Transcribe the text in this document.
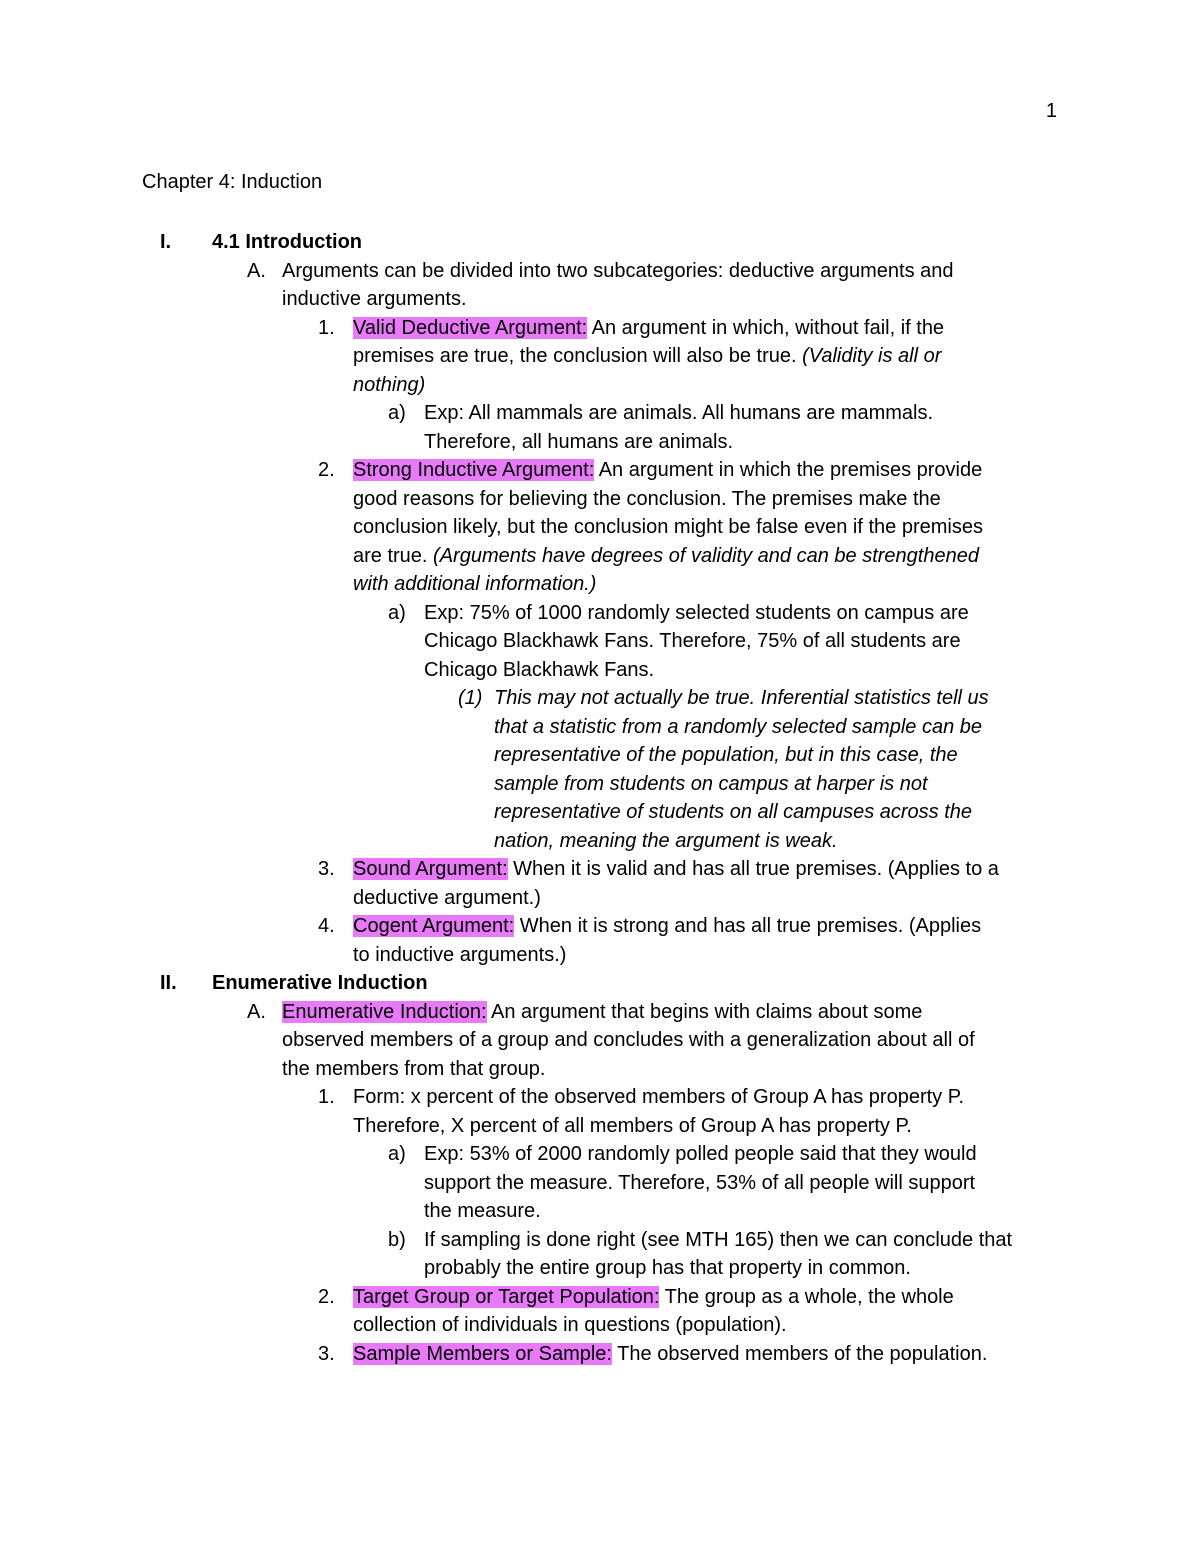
1
Chapter 4: Induction
I. 4.1 Introduction

A. Arguments can be divided into two subcategories: deductive arguments and

inductive arguments.

1. Valid Deductive Argument: An argument in which, without fail, if the

premises are true, the conclusion will also be true. (Validity is all or

nothing)

a) Exp: All mammals are animals. All humans are mammals.

Therefore, all humans are animals.

2. Strong Inductive Argument: An argument in which the premises provide

good reasons for believing the conclusion. The premises make the

conclusion likely, but the conclusion might be false even if the premises

are true. (Arguments have degrees of validity and can be strengthened

with additional information.)

a) Exp: 75% of 1000 randomly selected students on campus are

Chicago Blackhawk Fans. Therefore, 75% of all students are

Chicago Blackhawk Fans.

(1) This may not actually be true. Inferential statistics tell us

that a statistic from a randomly selected sample can be

representative of the population, but in this case, the

sample from students on campus at harper is not

representative of students on all campuses across the

nation, meaning the argument is weak.

3. Sound Argument: When it is valid and has all true premises. (Applies to a

deductive argument.)

4. Cogent Argument: When it is strong and has all true premises. (Applies

to inductive arguments.)

II. Enumerative Induction

A. Enumerative Induction: An argument that begins with claims about some

observed members of a group and concludes with a generalization about all of

the members from that group.

1. Form: x percent of the observed members of Group A has property P.

Therefore, X percent of all members of Group A has property P.

a) Exp: 53% of 2000 randomly polled people said that they would

support the measure. Therefore, 53% of all people will support

the measure.

b) If sampling is done right (see MTH 165) then we can conclude that

probably the entire group has that property in common.

2. Target Group or Target Population: The group as a whole, the whole

collection of individuals in questions (population).

3. Sample Members or Sample: The observed members of the population.
